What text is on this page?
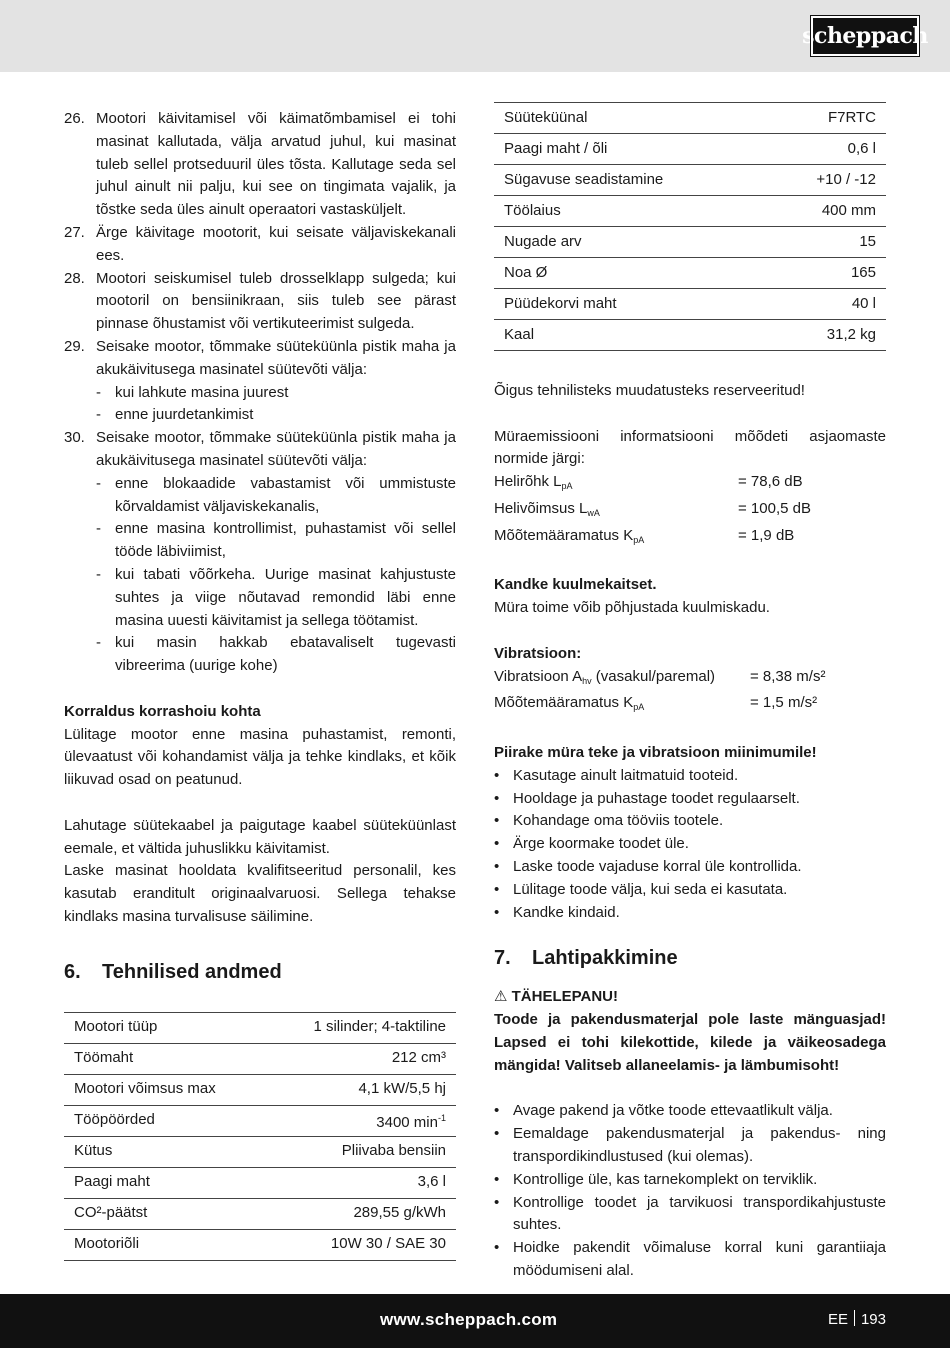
scheppach
26. Mootori käivitamisel või käimatõmbamisel ei tohi masinat kallutada, välja arvatud juhul, kui masinat tuleb sellel protseduuril üles tõsta. Kallutage seda sel juhul ainult nii palju, kui see on tingimata vajalik, ja tõstke seda üles ainult operaatori vastasküljelt.
27. Ärge käivitage mootorit, kui seisate väljaviskekanali ees.
28. Mootori seiskumisel tuleb drosselklapp sulgeda; kui mootoril on bensiinikraan, siis tuleb see pärast pinnase õhustamist või vertikuteerimist sulgeda.
29. Seisake mootor, tõmmake süüteküünla pistik maha ja akukäivitusega masinatel süütevõti välja:
- kui lahkute masina juurest
- enne juurdetankimist
30. Seisake mootor, tõmmake süüteküünla pistik maha ja akukäivitusega masinatel süütevõti välja:
- enne blokaadide vabastamist või ummistuste kõrvaldamist väljaviskekanalis,
- enne masina kontrollimist, puhastamist või sellel tööde läbiviimist,
- kui tabati võõrkeha. Uurige masinat kahjustuste suhtes ja viige nõutavad remondid läbi enne masina uuesti käivitamist ja sellega töötamist.
- kui masin hakkab ebatavaliselt tugevasti vibreerima (uurige kohe)
Korraldus korrashoiu kohta
Lülitage mootor enne masina puhastamist, remonti, ülevaatust või kohandamist välja ja tehke kindlaks, et kõik liikuvad osad on peatunud.
Lahutage süütekaabel ja paigutage kaabel süüteküünlast eemale, et vältida juhuslikku käivitamist.
Laske masinat hooldata kvalifitseeritud personalil, kes kasutab eranditult originaalvaruosi. Sellega tehakse kindlaks masina turvalisuse säilimine.
6.	Tehnilised andmed
Mootori tüüp	1 silinder; 4-taktiline
Töömaht	212 cm³
Mootori võimsus max	4,1 kW/5,5 hj
Tööpöörded	3400 $\min^{-1}$
Kütus	Pliivaba bensiin
Paagi maht	3,6 l
CO²-päätst	289,55 g/kWh
Mootoriõli	10W 30 / SAE 30
Süüteküünal	F7RTC
Paagi maht / õli	0,6 l
Sügavuse seadistamine	+10 / -12
Töölaius	400 mm
Nugade arv	15
Noa Ø	165
Püüdekorvi maht	40 l
Kaal	31,2 kg
Õigus tehnilisteks muudatusteks reserveeritud!
Müraemissiooni informatsiooni mõõdeti asjaomaste normide järgi:
Helirõhk $L_{pA}$	= 78,6 dB
Helivõimsus $L_{wA}$	= 100,5 dB
Mõõtemääramatus $K_{pA}$	= 1,9 dB
Kandke kuulmekaitset.
Müra toime võib põhjustada kuulmiskadu.
Vibratsioon:
Vibratsioon $A_{hv}$ (vasakul/paremal)	= 8,38 m/s²
Mõõtemääramatus $K_{pA}$	= 1,5 m/s²
Piirake müra teke ja vibratsioon miinimumile!
• Kasutage ainult laitmatuid tooteid.
• Hooldage ja puhastage toodet regulaarselt.
• Kohandage oma tööviis tootele.
• Ärge koormake toodet üle.
• Laske toode vajaduse korral üle kontrollida.
• Lülitage toode välja, kui seda ei kasutata.
• Kandke kindaid.
7.	Lahtipakkimine
⚠ TÄHELEPANU!
Toode ja pakendusmaterjal pole laste mänguasjad! Lapsed ei tohi kilekottide, kilede ja väikeosadega mängida! Valitseb allaneelamis- ja lämbumisoht!
• Avage pakend ja võtke toode ettevaatlikult välja.
• Eemaldage pakendusmaterjal ja pakendus- ning transpordikindlustused (kui olemas).
• Kontrollige üle, kas tarnekomplekt on terviklik.
• Kontrollige toodet ja tarvikuosi transpordikahjustuste suhtes.
• Hoidke pakendit võimaluse korral kuni garantiiaja möödumiseni alal.
www.scheppach.com	EE 193
